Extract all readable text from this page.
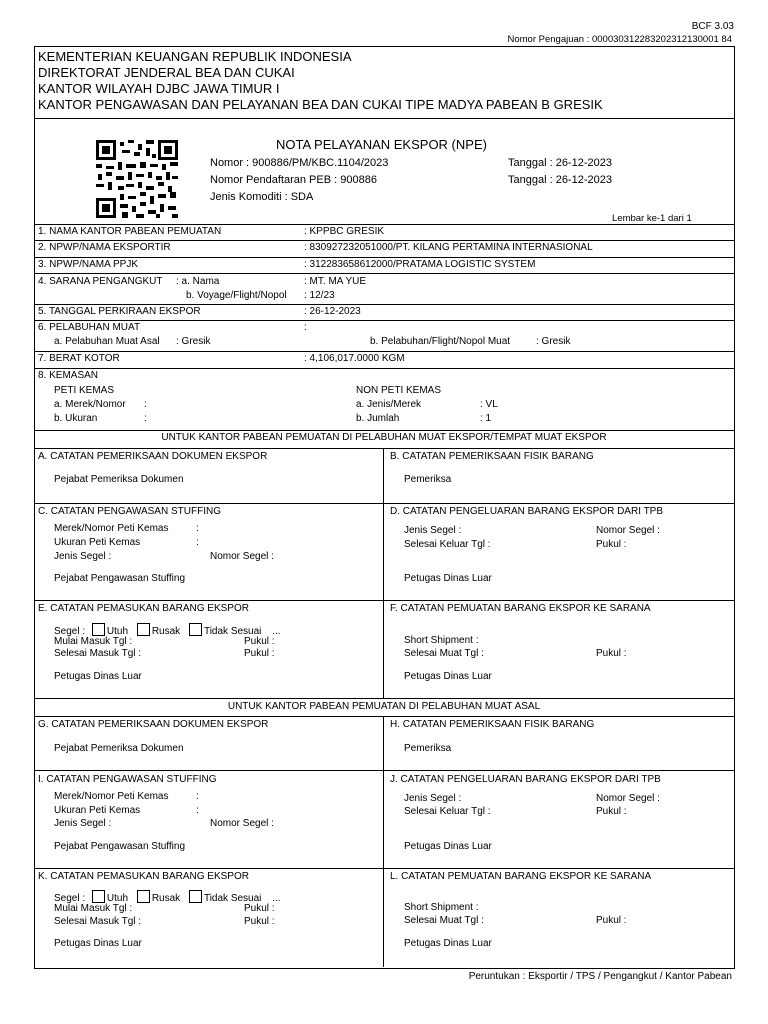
BCF 3.03
Nomor Pengajuan : 000030312283202312130001 84
KEMENTERIAN KEUANGAN REPUBLIK INDONESIA
DIREKTORAT JENDERAL BEA DAN CUKAI
KANTOR WILAYAH DJBC JAWA TIMUR I
KANTOR PENGAWASAN DAN PELAYANAN BEA DAN CUKAI TIPE MADYA PABEAN B GRESIK
NOTA PELAYANAN EKSPOR (NPE)
Nomor : 900886/PM/KBC.1104/2023
Nomor Pendaftaran PEB : 900886
Jenis Komoditi : SDA
Tanggal : 26-12-2023
Tanggal : 26-12-2023
Lembar ke-1 dari 1
1. NAMA KANTOR PABEAN PEMUATAN	: KPPBC GRESIK
2. NPWP/NAMA EKSPORTIR	: 830927232051000/PT. KILANG PERTAMINA INTERNASIONAL
3. NPWP/NAMA PPJK	: 312283658612000/PRATAMA LOGISTIC SYSTEM
4. SARANA PENGANGKUT : a. Nama	: MT. MA YUE
b. Voyage/Flight/Nopol : 12/23
5. TANGGAL PERKIRAAN EKSPOR	: 26-12-2023
6. PELABUHAN MUAT	:
a. Pelabuhan Muat Asal : Gresik	b. Pelabuhan/Flight/Nopol Muat	: Gresik
7. BERAT KOTOR	: 4,106,017.0000 KGM
8. KEMASAN
PETI KEMAS
a. Merek/Nomor :
b. Ukuran	:
NON PETI KEMAS
a. Jenis/Merek	: VL
b. Jumlah	: 1
UNTUK KANTOR PABEAN PEMUATAN DI PELABUHAN MUAT EKSPOR/TEMPAT MUAT EKSPOR
A. CATATAN PEMERIKSAAN DOKUMEN EKSPOR
Pejabat Pemeriksa Dokumen
B. CATATAN PEMERIKSAAN FISIK BARANG
Pemeriksa
C. CATATAN PENGAWASAN STUFFING
Merek/Nomor Peti Kemas	:
Ukuran Peti Kemas	:
Jenis Segel :	Nomor Segel :
Pejabat Pengawasan Stuffing
D. CATATAN PENGELUARAN BARANG EKSPOR DARI TPB
Jenis Segel :	Nomor Segel :
Selesai Keluar Tgl :	Pukul :
Petugas Dinas Luar
E. CATATAN PEMASUKAN BARANG EKSPOR
Segel : Utuh Rusak Tidak Sesuai ...
Mulai Masuk Tgl :	Pukul :
Selesai Masuk Tgl :	Pukul :
Petugas Dinas Luar
F. CATATAN PEMUATAN BARANG EKSPOR KE SARANA
Short Shipment :
Selesai Muat Tgl :	Pukul :
Petugas Dinas Luar
UNTUK KANTOR PABEAN PEMUATAN DI PELABUHAN MUAT ASAL
G. CATATAN PEMERIKSAAN DOKUMEN EKSPOR
Pejabat Pemeriksa Dokumen
H. CATATAN PEMERIKSAAN FISIK BARANG
Pemeriksa
I. CATATAN PENGAWASAN STUFFING
Merek/Nomor Peti Kemas	:
Ukuran Peti Kemas	:
Jenis Segel :	Nomor Segel :
Pejabat Pengawasan Stuffing
J. CATATAN PENGELUARAN BARANG EKSPOR DARI TPB
Jenis Segel :	Nomor Segel :
Selesai Keluar Tgl :	Pukul :
Petugas Dinas Luar
K. CATATAN PEMASUKAN BARANG EKSPOR
Segel : Utuh Rusak Tidak Sesuai ...
Mulai Masuk Tgl :	Pukul :
Selesai Masuk Tgl :	Pukul :
Petugas Dinas Luar
L. CATATAN PEMUATAN BARANG EKSPOR KE SARANA
Short Shipment :
Selesai Muat Tgl :	Pukul :
Petugas Dinas Luar
Peruntukan : Eksportir / TPS / Pengangkut / Kantor Pabean
